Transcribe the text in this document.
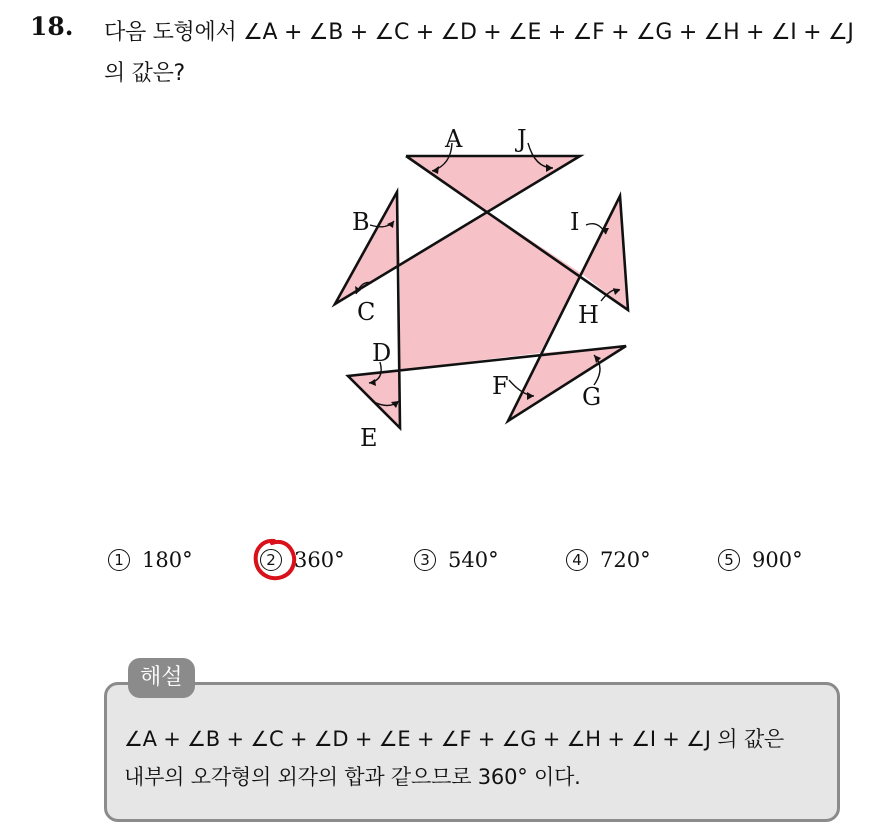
18. 다음 도형에서 ∠A + ∠B + ∠C + ∠D + ∠E + ∠F + ∠G + ∠H + ∠I + ∠J
의 값은?
A J
B
C
D
E
F	G
H
I
1 180°	2 360°	3 540°	4 720°	5 900°
해설
∠A + ∠B + ∠C + ∠D + ∠E + ∠F + ∠G + ∠H + ∠I + ∠J 의 값은
내부의 오각형의 외각의 합과 같으므로 360° 이다.
